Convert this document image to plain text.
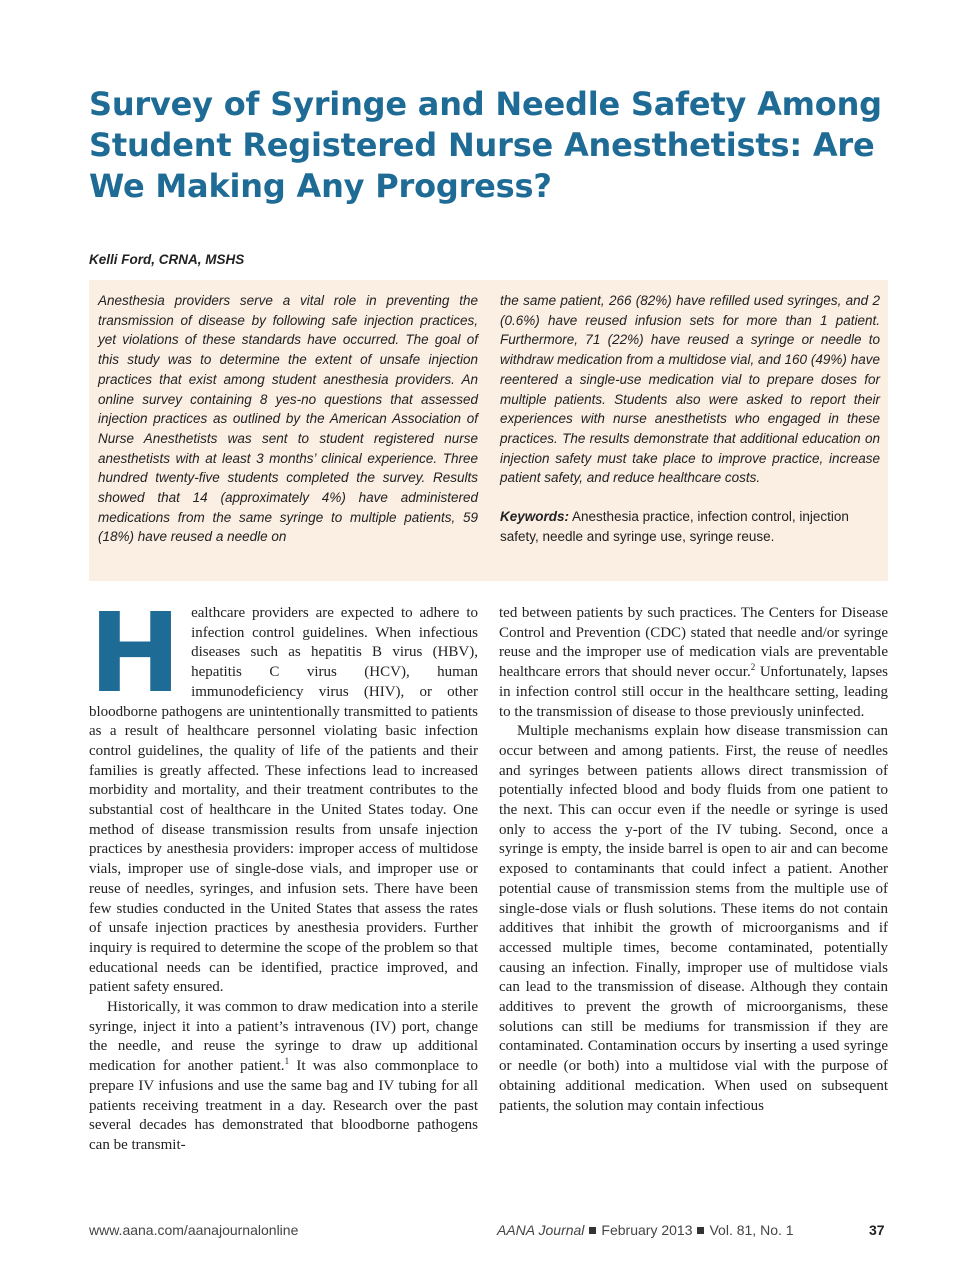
Survey of Syringe and Needle Safety Among Student Registered Nurse Anesthetists: Are We Making Any Progress?
Kelli Ford, CRNA, MSHS
Anesthesia providers serve a vital role in preventing the transmission of disease by following safe injection practices, yet violations of these standards have occurred. The goal of this study was to determine the extent of unsafe injection practices that exist among student anesthesia providers. An online survey containing 8 yes-no questions that assessed injection practices as outlined by the American Association of Nurse Anesthetists was sent to student registered nurse anesthetists with at least 3 months’ clinical experience. Three hundred twenty-five students completed the survey. Results showed that 14 (approximately 4%) have administered medications from the same syringe to multiple patients, 59 (18%) have reused a needle on

the same patient, 266 (82%) have refilled used syringes, and 2 (0.6%) have reused infusion sets for more than 1 patient. Furthermore, 71 (22%) have reused a syringe or needle to withdraw medication from a multidose vial, and 160 (49%) have reentered a single-use medication vial to prepare doses for multiple patients. Students also were asked to report their experiences with nurse anesthetists who engaged in these practices. The results demonstrate that additional education on injection safety must take place to improve practice, increase patient safety, and reduce healthcare costs.

Keywords: Anesthesia practice, infection control, injection safety, needle and syringe use, syringe reuse.

Healthcare providers are expected to adhere to infection control guidelines. When infectious diseases such as hepatitis B virus (HBV), hepatitis C virus (HCV), human immunodeficiency virus (HIV), or other bloodborne pathogens are unintentionally transmitted to patients as a result of healthcare personnel violating basic infection control guidelines, the quality of life of the patients and their families is greatly affected. These infections lead to increased morbidity and mortality, and their treatment contributes to the substantial cost of healthcare in the United States today. One method of disease transmission results from unsafe injection practices by anesthesia providers: improper access of multidose vials, improper use of single-dose vials, and improper use or reuse of needles, syringes, and infusion sets. There have been few studies conducted in the United States that assess the rates of unsafe injection practices by anesthesia providers. Further inquiry is required to determine the scope of the problem so that educational needs can be identified, practice improved, and patient safety ensured.

Historically, it was common to draw medication into a sterile syringe, inject it into a patient’s intravenous (IV) port, change the needle, and reuse the syringe to draw up additional medication for another patient.$^1$ It was also commonplace to prepare IV infusions and use the same bag and IV tubing for all patients receiving treatment in a day. Research over the past several decades has demonstrated that bloodborne pathogens can be transmit-

ted between patients by such practices. The Centers for Disease Control and Prevention (CDC) stated that needle and/or syringe reuse and the improper use of medication vials are preventable healthcare errors that should never occur.$^2$ Unfortunately, lapses in infection control still occur in the healthcare setting, leading to the transmission of disease to those previously uninfected.

Multiple mechanisms explain how disease transmission can occur between and among patients. First, the reuse of needles and syringes between patients allows direct transmission of potentially infected blood and body fluids from one patient to the next. This can occur even if the needle or syringe is used only to access the y-port of the IV tubing. Second, once a syringe is empty, the inside barrel is open to air and can become exposed to contaminants that could infect a patient. Another potential cause of transmission stems from the multiple use of single-dose vials or flush solutions. These items do not contain additives that inhibit the growth of microorganisms and if accessed multiple times, become contaminated, potentially causing an infection. Finally, improper use of multidose vials can lead to the transmission of disease. Although they contain additives to prevent the growth of microorganisms, these solutions can still be mediums for transmission if they are contaminated. Contamination occurs by inserting a used syringe or needle (or both) into a multidose vial with the purpose of obtaining additional medication. When used on subsequent patients, the solution may contain infectious

www.aana.com/aanajournalonline	AANA Journal February 2013 Vol. 81, No. 1	37
